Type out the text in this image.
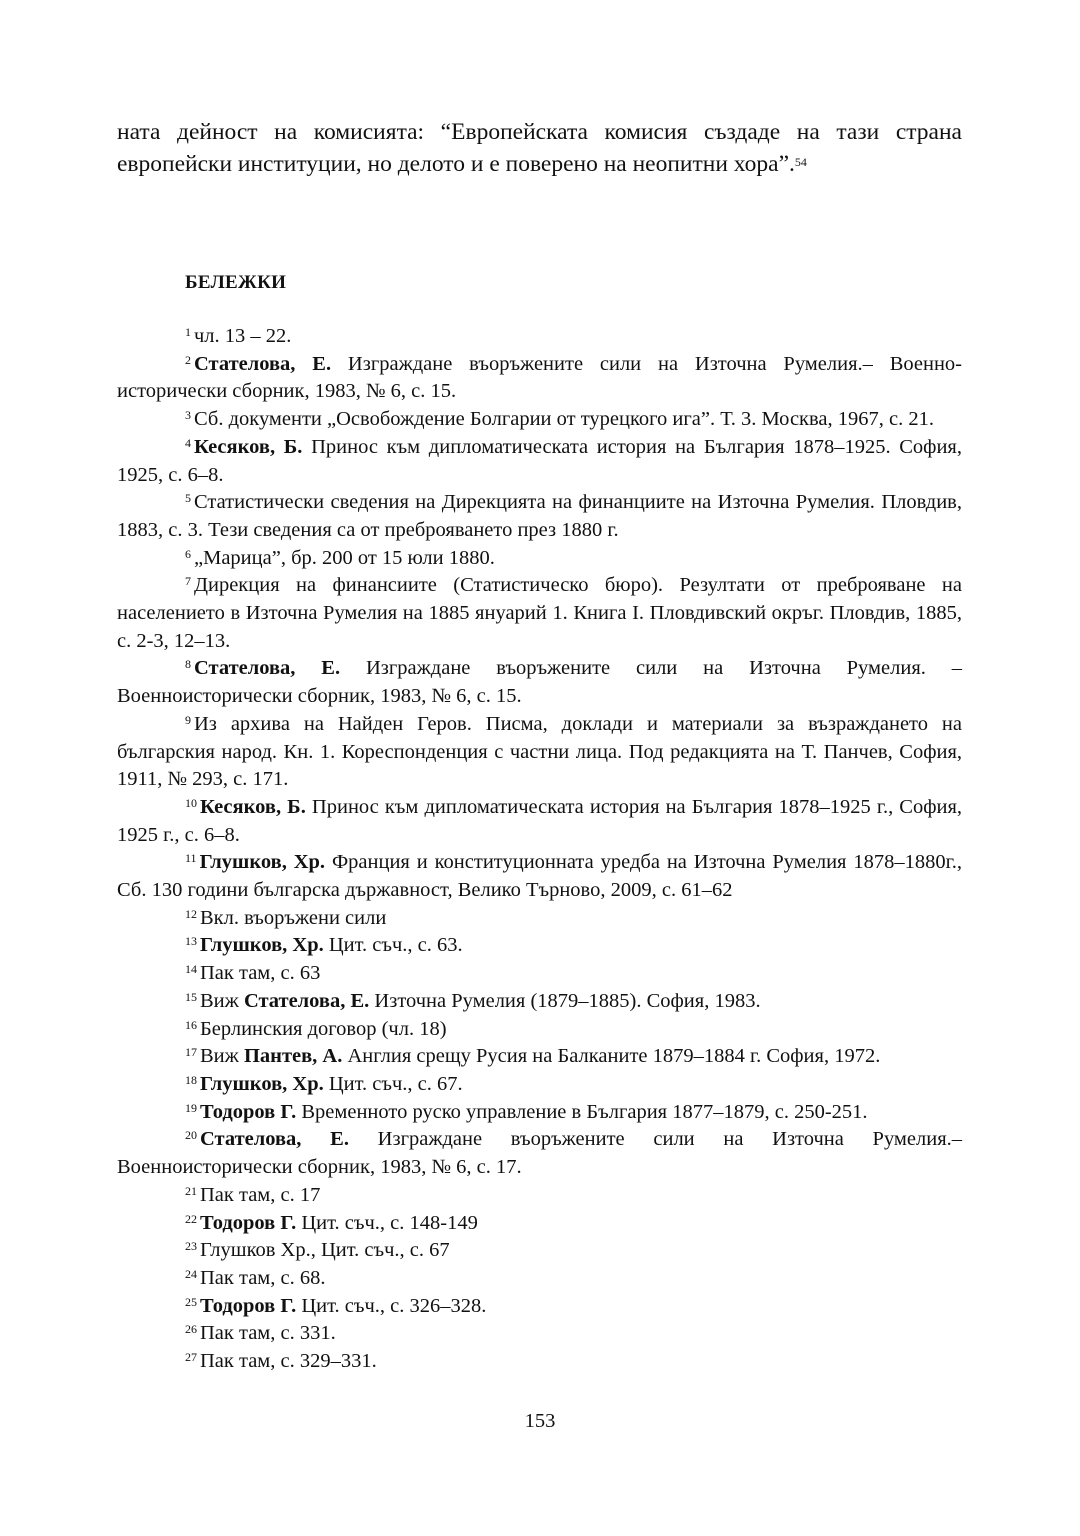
ната дейност на комисията: “Европейската комисия създаде на тази страна европейски институции, но делото и е поверено на неопитни хора”.$^{54}$

БЕЛЕЖКИ

$^1$ чл. 13 – 22.

$^2$ Стателова, Е. Изграждане въоръжените сили на Източна Румелия.– Военно-исторически сборник, 1983, № 6, с. 15.

$^3$ Сб. документи „Освобождение Болгарии от турецкого ига”. Т. 3. Москва, 1967, с. 21.

$^4$ Кесяков, Б. Принос към дипломатическата история на България 1878–1925. София, 1925, с. 6–8.

$^5$ Статистически сведения на Дирекцията на финанциите на Източна Румелия. Пловдив, 1883, с. 3. Тези сведения са от преброяването през 1880 г.

$^6$ „Марица”, бр. 200 от 15 юли 1880.

$^7$ Дирекция на финансиите (Статистическо бюро). Резултати от преброяване на населението в Източна Румелия на 1885 януарий 1. Книга I. Пловдивский окръг. Пловдив, 1885, с. 2-3, 12–13.

$^8$ Стателова, Е. Изграждане въоръжените сили на Източна Румелия. – Военноисторически сборник, 1983, № 6, с. 15.

$^9$ Из архива на Найден Геров. Писма, доклади и материали за възраждането на българския народ. Кн. 1. Кореспонденция с частни лица. Под редакцията на Т. Панчев, София, 1911, № 293, с. 171.

$^{10}$ Кесяков, Б. Принос към дипломатическата история на България 1878–1925 г., София, 1925 г., с. 6–8.

$^{11}$ Глушков, Хр. Франция и конституционната уредба на Източна Румелия 1878–1880г., Сб. 130 години българска държавност, Велико Търново, 2009, с. 61–62

$^{12}$ Вкл. въоръжени сили

$^{13}$ Глушков, Хр. Цит. съч., с. 63.

$^{14}$ Пак там, с. 63

$^{15}$ Виж Стателова, Е. Източна Румелия (1879–1885). София, 1983.

$^{16}$ Берлинския договор (чл. 18)

$^{17}$ Виж Пантев, А. Англия срещу Русия на Балканите 1879–1884 г. София, 1972.

$^{18}$ Глушков, Хр. Цит. съч., с. 67.

$^{19}$ Тодоров Г. Временното руско управление в България 1877–1879, с. 250-251.

$^{20}$ Стателова, Е. Изграждане въоръжените сили на Източна Румелия.– Военноисторически сборник, 1983, № 6, с. 17.

$^{21}$ Пак там, с. 17

$^{22}$ Тодоров Г. Цит. съч., с. 148-149

$^{23}$ Глушков Хр., Цит. съч., с. 67

$^{24}$ Пак там, с. 68.

$^{25}$ Тодоров Г. Цит. съч., с. 326–328.

$^{26}$ Пак там, с. 331.

$^{27}$ Пак там, с. 329–331.

153
